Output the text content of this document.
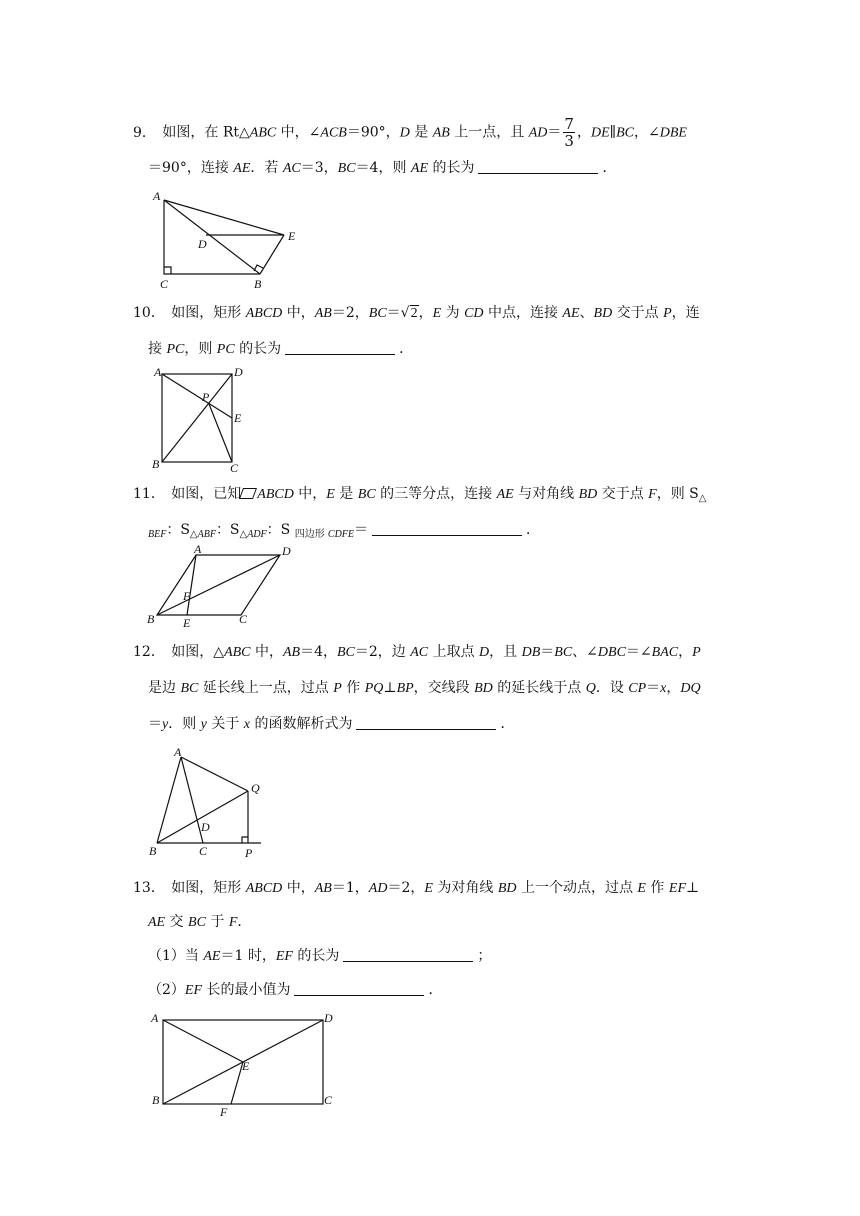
9． 如图，在 Rt△ABC 中，∠ACB＝90°，D 是 AB 上一点，且 $AD= \frac{7}{3}$ ，DE∥BC，∠DBE
＝90°，连接 AE．若 AC＝3，BC＝4，则 AE 的长为	．
A
C	B
D
E
10． 如图，矩形 ABCD 中，AB＝2，BC＝√2，E 为 CD 中点，连接 AE、BD 交于点 P，连
接 PC，则 PC 的长为	．
A	D
P
E
B	C
11． 如图，已知 ABCD 中，E 是 BC 的三等分点，连接 AE 与对角线 BD 交于点 F，则 $S_\triangle$
$_{BEF}$：$S_{\triangle ABF}$：$S_{\triangle ADF}$：S $_{四边形}$ $_{CDFE}$＝	．
A	D
F
B E	C
12． 如图，△ABC 中，AB＝4，BC＝2，边 AC 上取点 D，且 DB＝BC、∠DBC＝∠BAC，P
是边 BC 延长线上一点，过点 P 作 PQ⊥BP，交线段 BD 的延长线于点 Q．设 CP＝x，DQ
＝y．则 y 关于 x 的函数解析式为	．
A
Q
D
B	C	P
13． 如图，矩形 ABCD 中，AB＝1，AD＝2，E 为对角线 BD 上一个动点，过点 E 作 EF⊥
AE 交 BC 于 F．
（1）当 AE＝1 时，EF 的长为	；
（2）EF 长的最小值为	．
A	D
E
B
F
C
